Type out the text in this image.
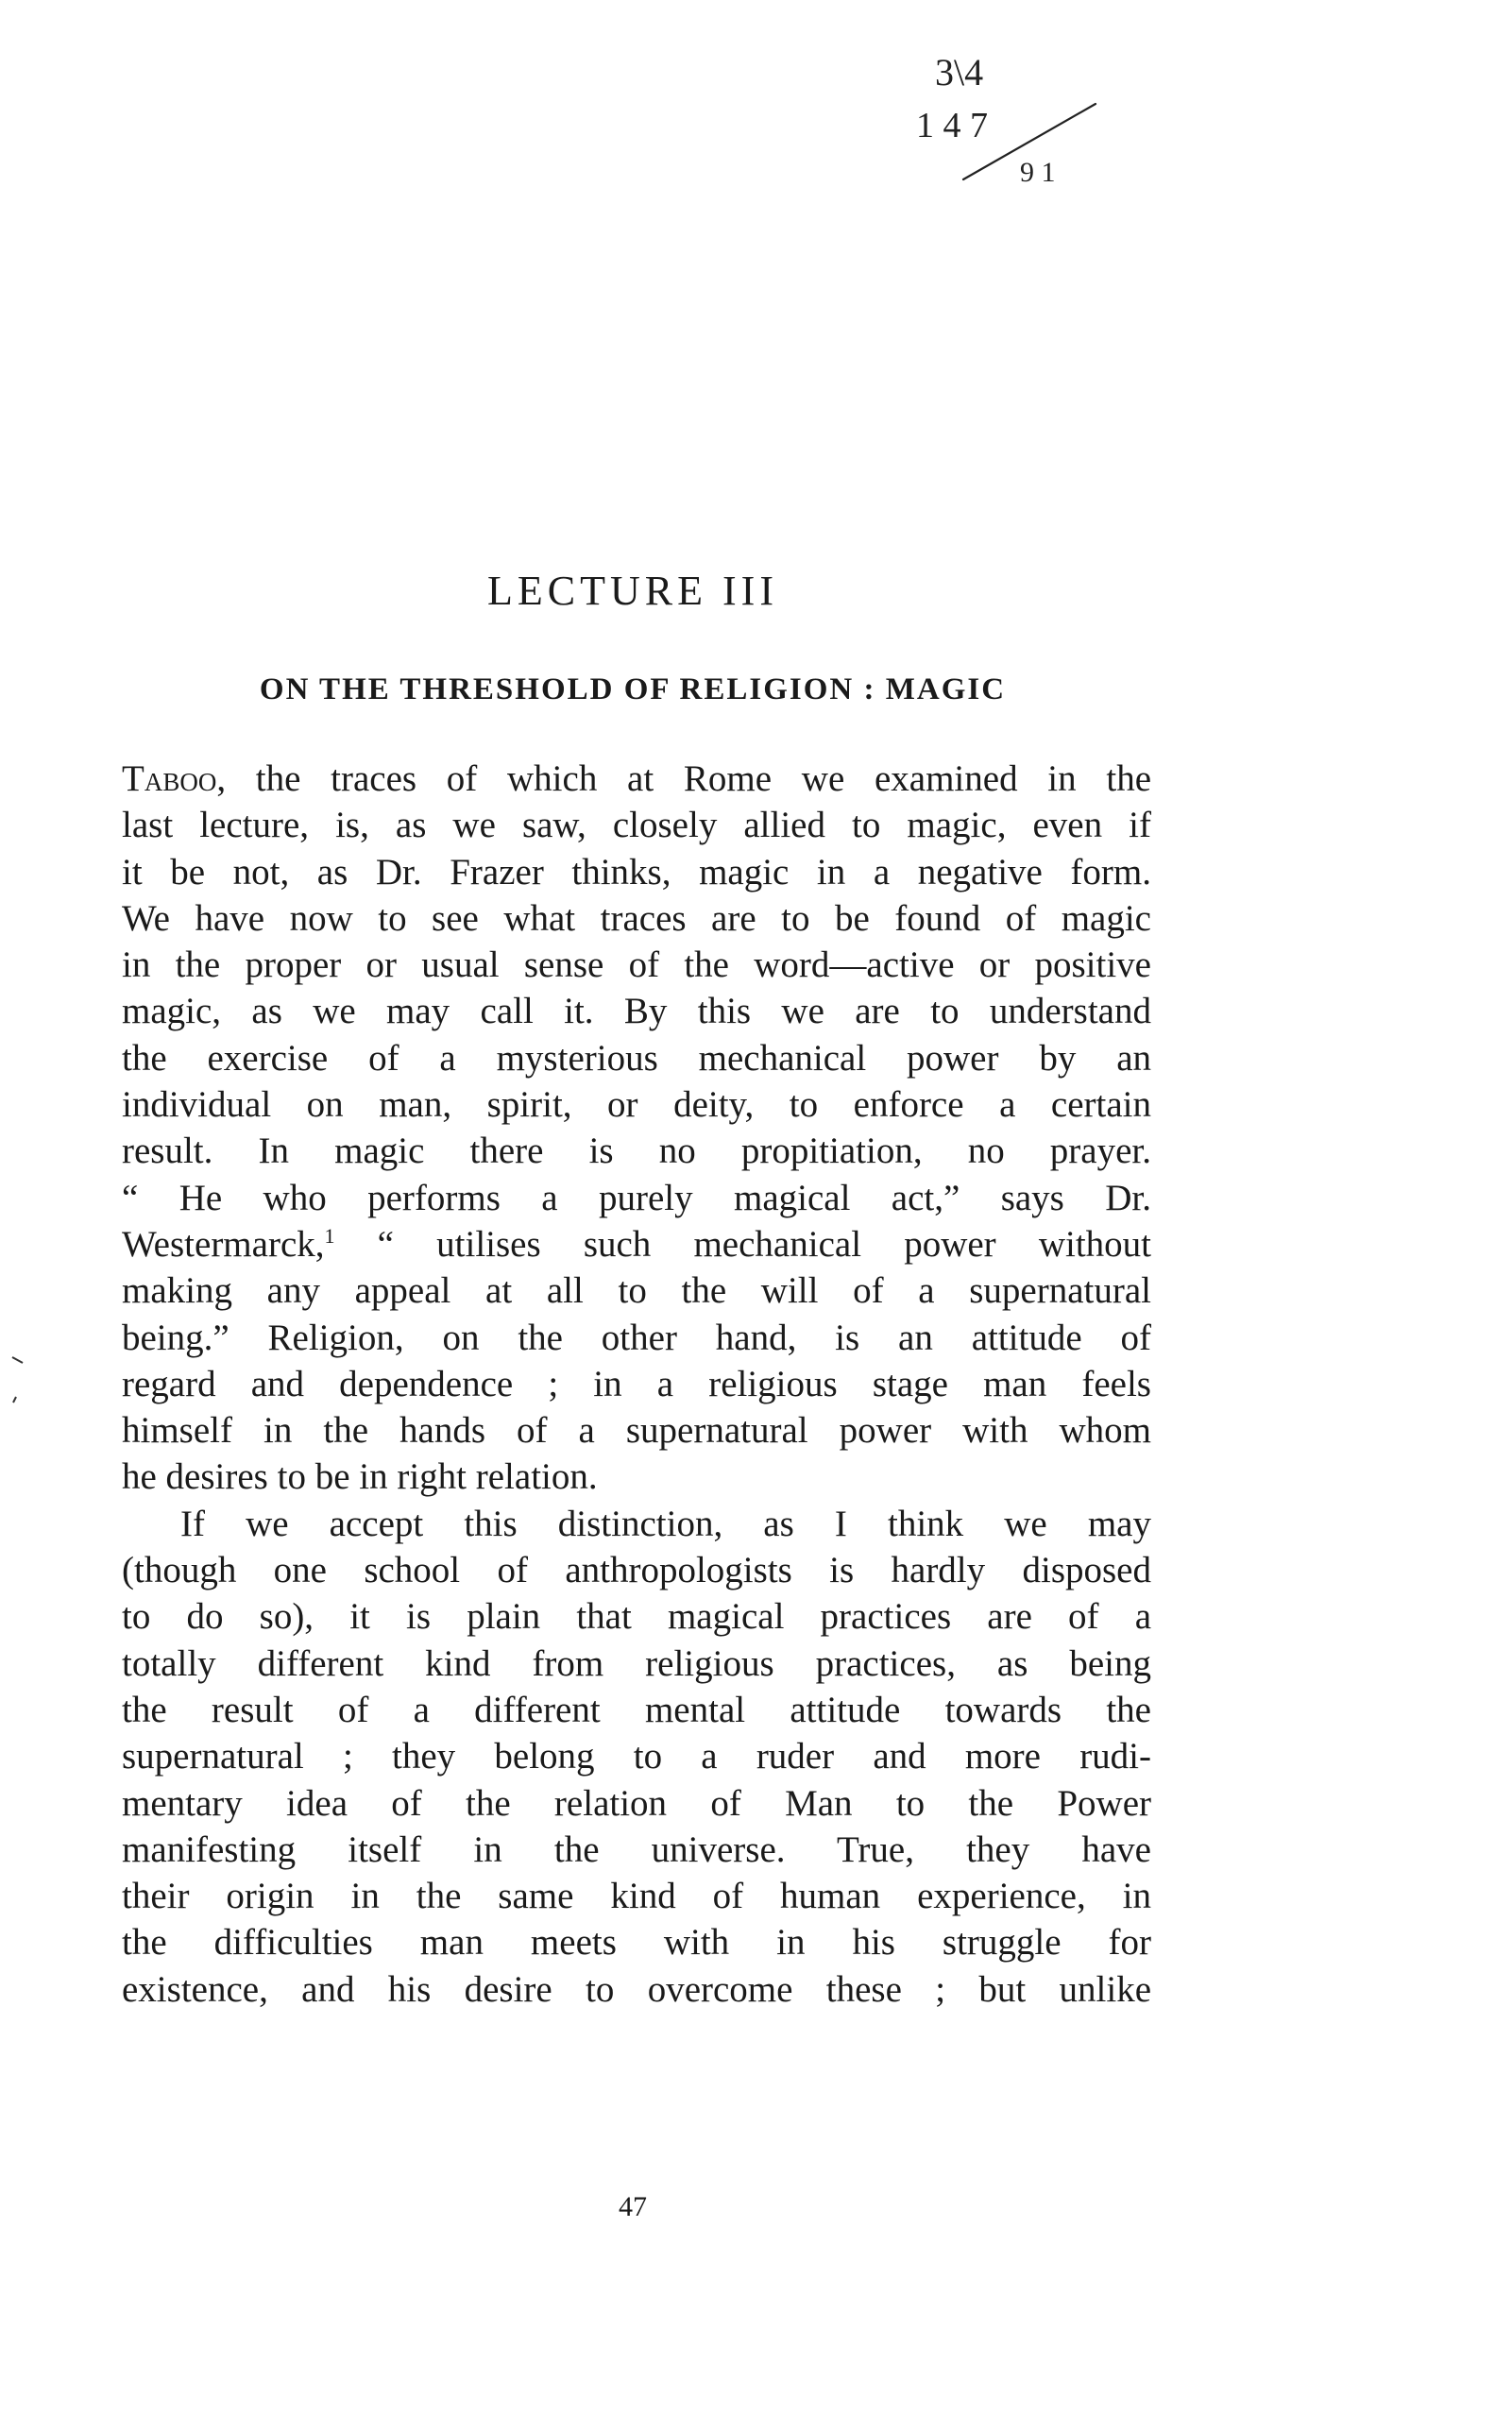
3\4
1 4 7
9 1
LECTURE III
ON THE THRESHOLD OF RELIGION : MAGIC
Taboo, the traces of which at Rome we examined in the
last lecture, is, as we saw, closely allied to magic, even if
it be not, as Dr. Frazer thinks, magic in a negative form.
We have now to see what traces are to be found of magic
in the proper or usual sense of the word—active or positive
magic, as we may call it. By this we are to understand
the exercise of a mysterious mechanical power by an
individual on man, spirit, or deity, to enforce a certain
result. In magic there is no propitiation, no prayer.
“ He who performs a purely magical act,” says Dr.
Westermarck,$^1$ “ utilises such mechanical power without
making any appeal at all to the will of a supernatural
being.” Religion, on the other hand, is an attitude of
regard and dependence ; in a religious stage man feels
himself in the hands of a supernatural power with whom
he desires to be in right relation.
If we accept this distinction, as I think we may
(though one school of anthropologists is hardly disposed
to do so), it is plain that magical practices are of a
totally different kind from religious practices, as being
the result of a different mental attitude towards the
supernatural ; they belong to a ruder and more rudi-
mentary idea of the relation of Man to the Power
manifesting itself in the universe. True, they have
their origin in the same kind of human experience, in
the difficulties man meets with in his struggle for
existence, and his desire to overcome these ; but unlike

47
